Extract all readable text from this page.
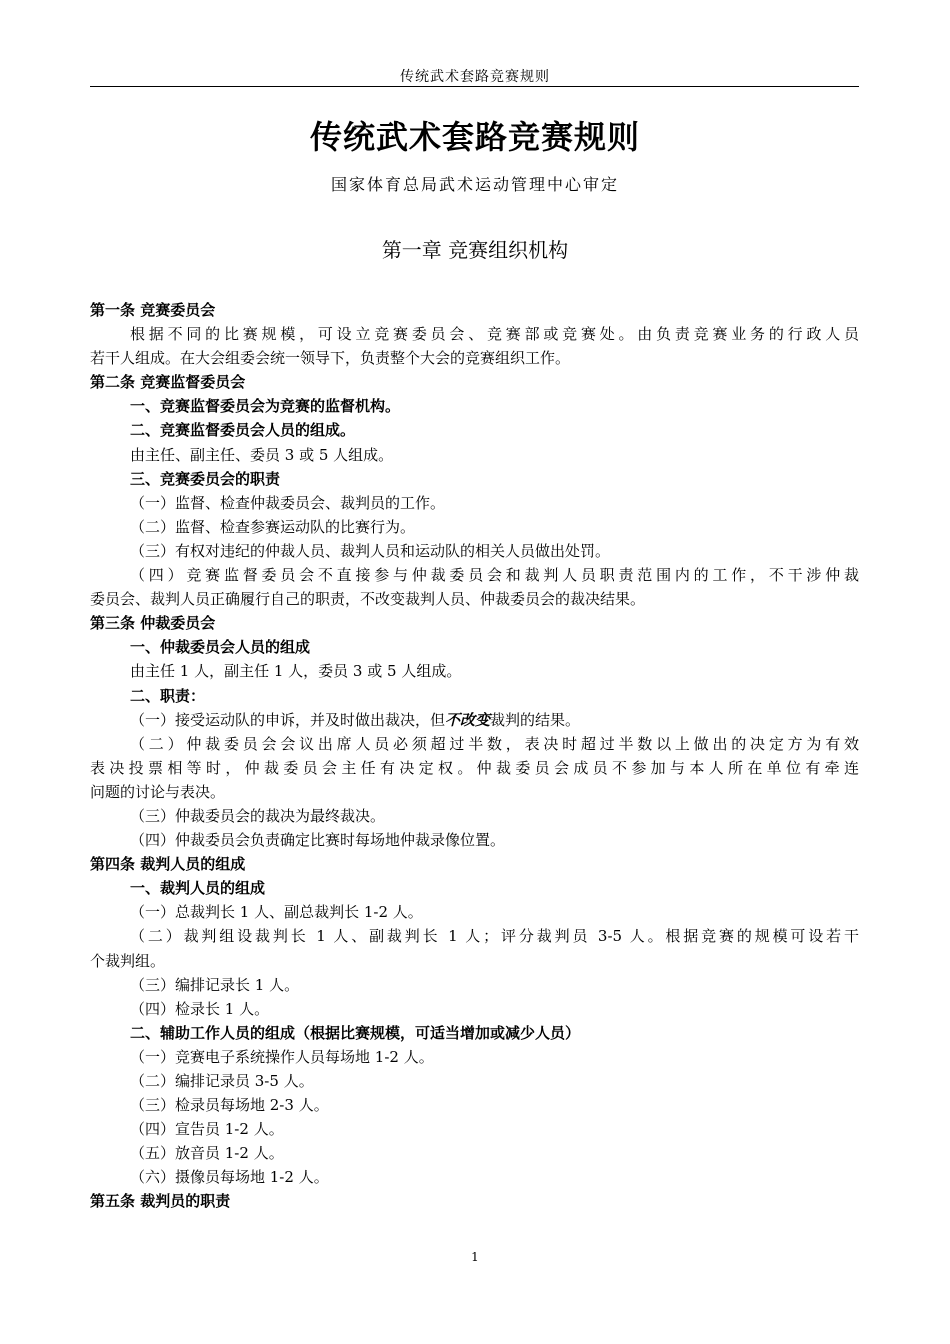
传统武术套路竞赛规则
传统武术套路竞赛规则
国家体育总局武术运动管理中心审定
第一章 竞赛组织机构
第一条 竞赛委员会
根据不同的比赛规模，可设立竞赛委员会、竞赛部或竞赛处。由负责竞赛业务的行政人员
若干人组成。在大会组委会统一领导下，负责整个大会的竞赛组织工作。
第二条 竞赛监督委员会
一、竞赛监督委员会为竞赛的监督机构。
二、竞赛监督委员会人员的组成。
由主任、副主任、委员 3 或 5 人组成。
三、竞赛委员会的职责
（一）监督、检查仲裁委员会、裁判员的工作。
（二）监督、检查参赛运动队的比赛行为。
（三）有权对违纪的仲裁人员、裁判人员和运动队的相关人员做出处罚。
（四）竞赛监督委员会不直接参与仲裁委员会和裁判人员职责范围内的工作，不干涉仲裁
委员会、裁判人员正确履行自己的职责，不改变裁判人员、仲裁委员会的裁决结果。
第三条 仲裁委员会
一、仲裁委员会人员的组成
由主任 1 人，副主任 1 人，委员 3 或 5 人组成。
二、职责：
（一）接受运动队的申诉，并及时做出裁决，但不改变裁判的结果。
（二）仲裁委员会会议出席人员必须超过半数，表决时超过半数以上做出的决定方为有效
表决投票相等时，仲裁委员会主任有决定权。仲裁委员会成员不参加与本人所在单位有牵连
问题的讨论与表决。
（三）仲裁委员会的裁决为最终裁决。
（四）仲裁委员会负责确定比赛时每场地仲裁录像位置。
第四条 裁判人员的组成
一、裁判人员的组成
（一）总裁判长 1 人、副总裁判长 1-2 人。
（二）裁判组设裁判长 1 人、副裁判长 1 人；评分裁判员 3-5 人。根据竞赛的规模可设若干
个裁判组。
（三）编排记录长 1 人。
（四）检录长 1 人。
二、辅助工作人员的组成（根据比赛规模，可适当增加或减少人员）
（一）竞赛电子系统操作人员每场地 1-2 人。
（二）编排记录员 3-5 人。
（三）检录员每场地 2-3 人。
（四）宣告员 1-2 人。
（五）放音员 1-2 人。
（六）摄像员每场地 1-2 人。
第五条 裁判员的职责
1
